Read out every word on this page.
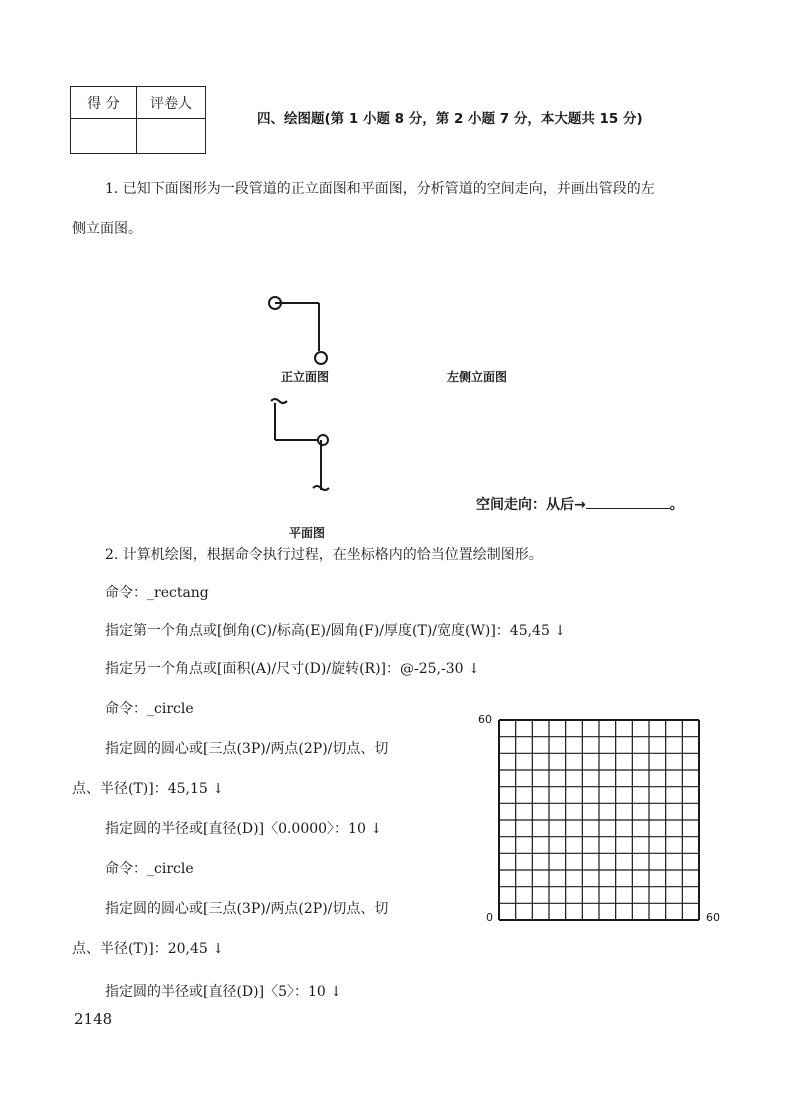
得 分	评卷人
四、绘图题(第 1 小题 8 分，第 2 小题 7 分，本大题共 15 分)
1. 已知下面图形为一段管道的正立面图和平面图，分析管道的空间走向，并画出管段的左
侧立面图。
正立面图	左侧立面图
平面图
空间走向：从后→	。
2. 计算机绘图，根据命令执行过程，在坐标格内的恰当位置绘制图形。
命令：_rectang
指定第一个角点或[倒角(C)/标高(E)/圆角(F)/厚度(T)/宽度(W)]：45,45 ↓
指定另一个角点或[面积(A)/尺寸(D)/旋转(R)]：@-25,-30 ↓
命令：_circle
指定圆的圆心或[三点(3P)/两点(2P)/切点、切
点、半径(T)]：45,15 ↓
指定圆的半径或[直径(D)]〈0.0000〉：10 ↓
命令：_circle
指定圆的圆心或[三点(3P)/两点(2P)/切点、切
点、半径(T)]：20,45 ↓
指定圆的半径或[直径(D)]〈5〉：10 ↓
60
0	60
2148
